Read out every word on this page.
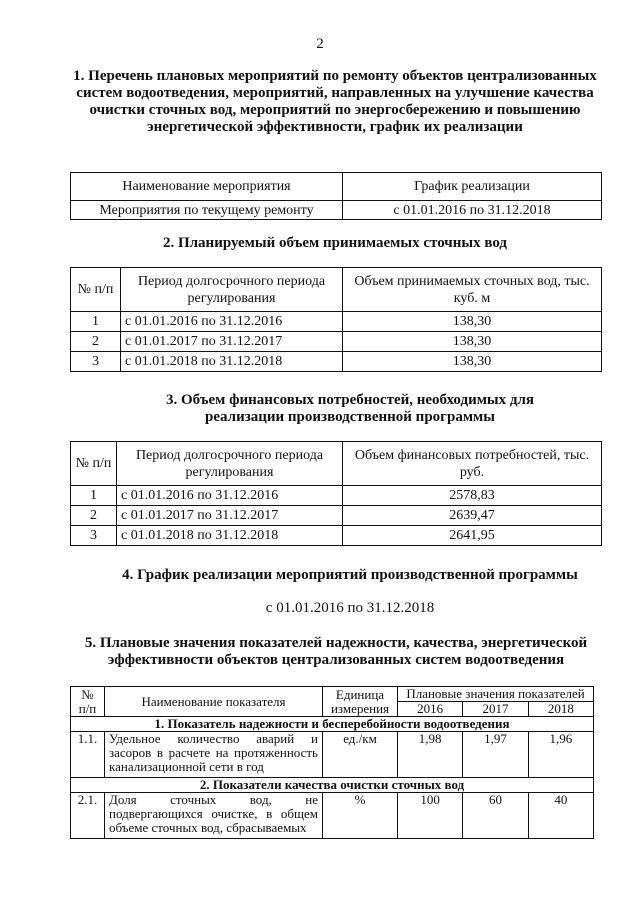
2
1. Перечень плановых мероприятий по ремонту объектов централизованных систем водоотведения, мероприятий, направленных на улучшение качества очистки сточных вод, мероприятий по энергосбережению и повышению энергетической эффективности, график их реализации
Наименование мероприятия	График реализации
Мероприятия по текущему ремонту	с 01.01.2016 по 31.12.2018
2. Планируемый объем принимаемых сточных вод
№ п/п	Период долгосрочного периода регулирования	Объем принимаемых сточных вод, тыс. куб. м
1	с 01.01.2016 по 31.12.2016	138,30
2	с 01.01.2017 по 31.12.2017	138,30
3	с 01.01.2018 по 31.12.2018	138,30
3. Объем финансовых потребностей, необходимых для реализации производственной программы
№ п/п	Период долгосрочного периода регулирования	Объем финансовых потребностей, тыс. руб.
1	с 01.01.2016 по 31.12.2016	2578,83
2	с 01.01.2017 по 31.12.2017	2639,47
3	с 01.01.2018 по 31.12.2018	2641,95
4. График реализации мероприятий производственной программы
с 01.01.2016 по 31.12.2018
5. Плановые значения показателей надежности, качества, энергетической эффективности объектов централизованных систем водоотведения
№ п/п	Наименование показателя	Единица измерения	Плановые значения показателей		
			2016	2017	2018
1. Показатель надежности и бесперебойности водоотведения					
1.1.	Удельное количество аварий и засоров в расчете на протяженность канализационной сети в год	ед./км	1,98	1,97	1,96
2. Показатели качества очистки сточных вод					
2.1.	Доля сточных вод, не подвергающихся очистке, в общем объеме сточных вод, сбрасываемых	%	100	60	40
